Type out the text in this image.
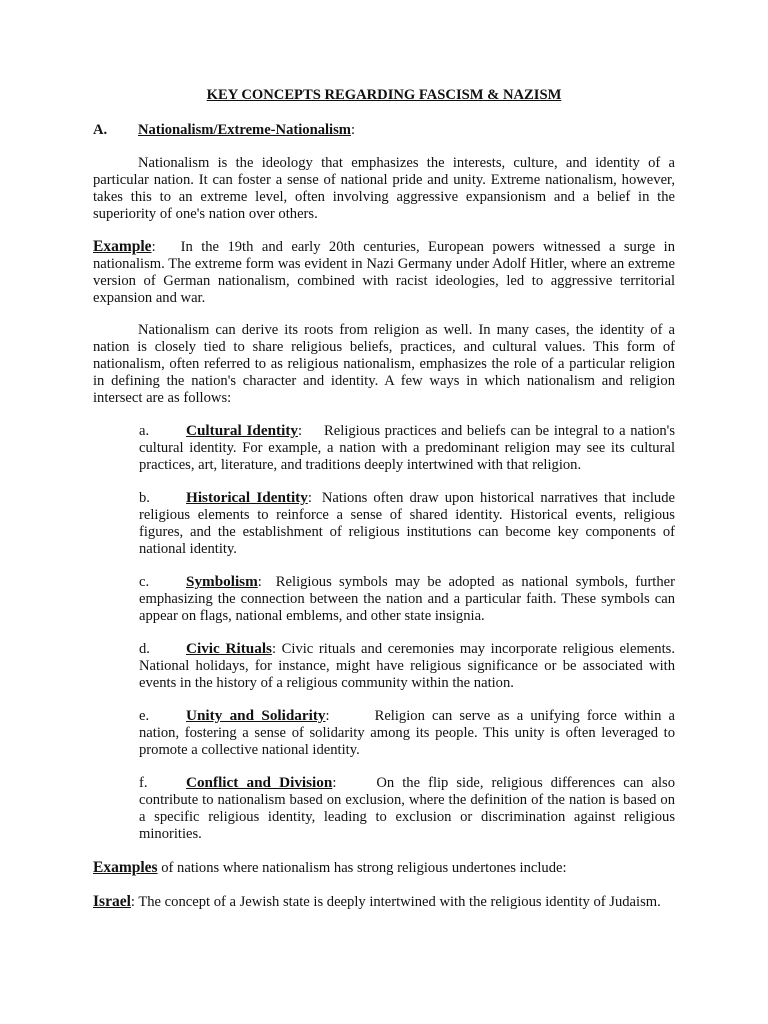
KEY CONCEPTS REGARDING FASCISM & NAZISM

A. Nationalism/Extreme-Nationalism:

Nationalism is the ideology that emphasizes the interests, culture, and identity of a particular nation. It can foster a sense of national pride and unity. Extreme nationalism, however, takes this to an extreme level, often involving aggressive expansionism and a belief in the superiority of one's nation over others.

Example: In the 19th and early 20th centuries, European powers witnessed a surge in nationalism. The extreme form was evident in Nazi Germany under Adolf Hitler, where an extreme version of German nationalism, combined with racist ideologies, led to aggressive territorial expansion and war.

Nationalism can derive its roots from religion as well. In many cases, the identity of a nation is closely tied to share religious beliefs, practices, and cultural values. This form of nationalism, often referred to as religious nationalism, emphasizes the role of a particular religion in defining the nation's character and identity. A few ways in which nationalism and religion intersect are as follows:

a. Cultural Identity: Religious practices and beliefs can be integral to a nation's cultural identity. For example, a nation with a predominant religion may see its cultural practices, art, literature, and traditions deeply intertwined with that religion.

b. Historical Identity: Nations often draw upon historical narratives that include religious elements to reinforce a sense of shared identity. Historical events, religious figures, and the establishment of religious institutions can become key components of national identity.

c. Symbolism: Religious symbols may be adopted as national symbols, further emphasizing the connection between the nation and a particular faith. These symbols can appear on flags, national emblems, and other state insignia.

d. Civic Rituals: Civic rituals and ceremonies may incorporate religious elements. National holidays, for instance, might have religious significance or be associated with events in the history of a religious community within the nation.

e. Unity and Solidarity:	Religion can serve as a unifying force within a nation, fostering a sense of solidarity among its people. This unity is often leveraged to promote a collective national identity.

f.	Conflict and Division:	On the flip side, religious differences can also contribute to nationalism based on exclusion, where the definition of the nation is based on a specific religious identity, leading to exclusion or discrimination against religious minorities.

Examples of nations where nationalism has strong religious undertones include:

Israel: The concept of a Jewish state is deeply intertwined with the religious identity of Judaism.
